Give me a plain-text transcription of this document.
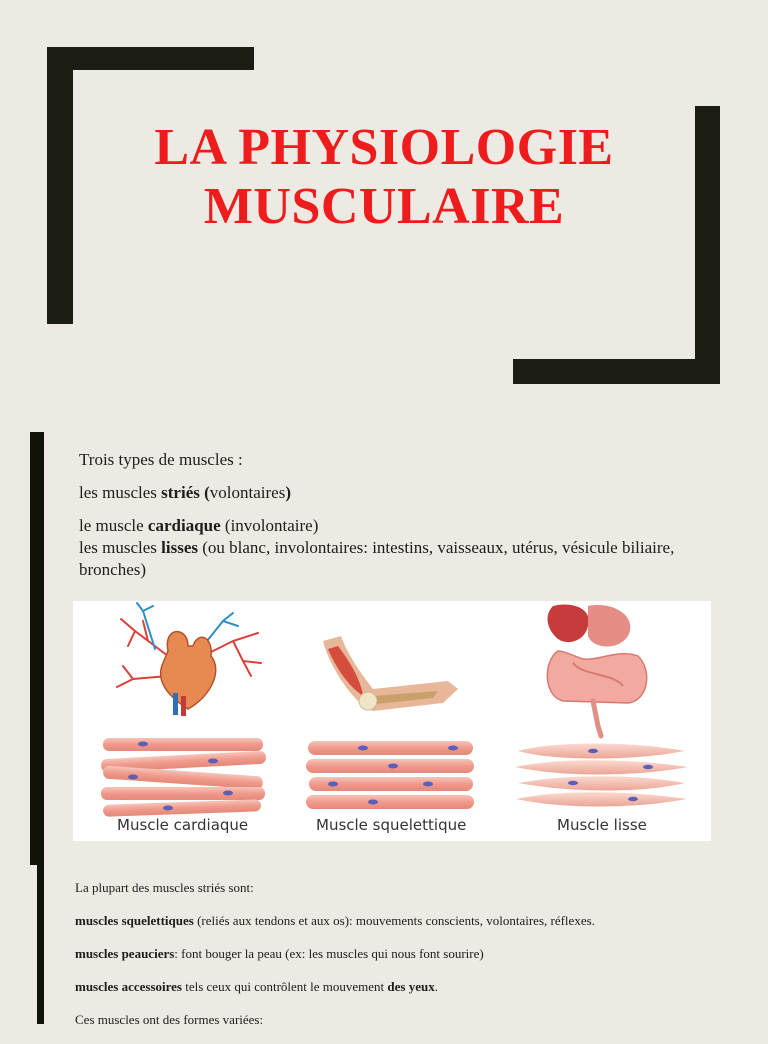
LA PHYSIOLOGIE
MUSCULAIRE

Trois types de muscles :

les muscles striés (volontaires)

le muscle cardiaque (involontaire)

les muscles lisses (ou blanc, involontaires: intestins, vaisseaux, utérus, vésicule biliaire, bronches)

Muscle cardiaque	Muscle squelettique	Muscle lisse

La plupart des muscles striés sont:

muscles squelettiques (reliés aux tendons et aux os): mouvements conscients, volontaires, réflexes.

muscles peauciers: font bouger la peau (ex: les muscles qui nous font sourire)

muscles accessoires tels ceux qui contrôlent le mouvement des yeux.

Ces muscles ont des formes variées:
